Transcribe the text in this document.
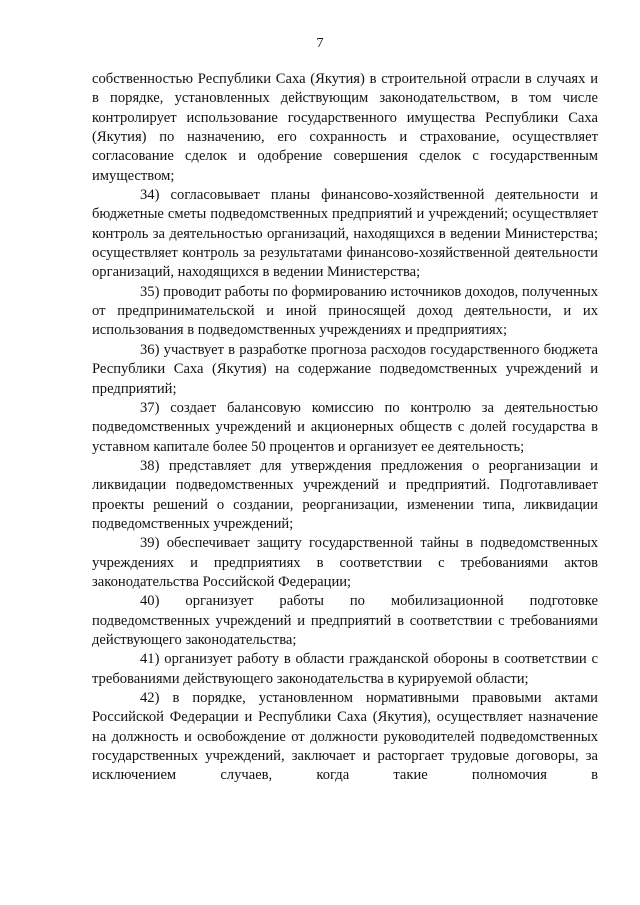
7

собственностью Республики Саха (Якутия) в строительной отрасли в случаях и в порядке, установленных действующим законодательством, в том числе контролирует использование государственного имущества Республики Саха (Якутия) по назначению, его сохранность и страхование, осуществляет согласование сделок и одобрение совершения сделок с государственным имуществом;

34) согласовывает планы финансово-хозяйственной деятельности и бюджетные сметы подведомственных предприятий и учреждений; осуществляет контроль за деятельностью организаций, находящихся в ведении Министерства; осуществляет контроль за результатами финансово-хозяйственной деятельности организаций, находящихся в ведении Министерства;

35) проводит работы по формированию источников доходов, полученных от предпринимательской и иной приносящей доход деятельности, и их использования в подведомственных учреждениях и предприятиях;

36) участвует в разработке прогноза расходов государственного бюджета Республики Саха (Якутия) на содержание подведомственных учреждений и предприятий;

37) создает балансовую комиссию по контролю за деятельностью подведомственных учреждений и акционерных обществ с долей государства в уставном капитале более 50 процентов и организует ее деятельность;

38) представляет для утверждения предложения о реорганизации и ликвидации подведомственных учреждений и предприятий. Подготавливает проекты решений о создании, реорганизации, изменении типа, ликвидации подведомственных учреждений;

39) обеспечивает защиту государственной тайны в подведомственных учреждениях и предприятиях в соответствии с требованиями актов законодательства Российской Федерации;

40) организует работы по мобилизационной подготовке подведомственных учреждений и предприятий в соответствии с требованиями действующего законодательства;

41) организует работу в области гражданской обороны в соответствии с требованиями действующего законодательства в курируемой области;

42) в порядке, установленном нормативными правовыми актами Российской Федерации и Республики Саха (Якутия), осуществляет назначение на должность и освобождение от должности руководителей подведомственных государственных учреждений, заключает и расторгает трудовые договоры, за исключением случаев, когда такие полномочия в
